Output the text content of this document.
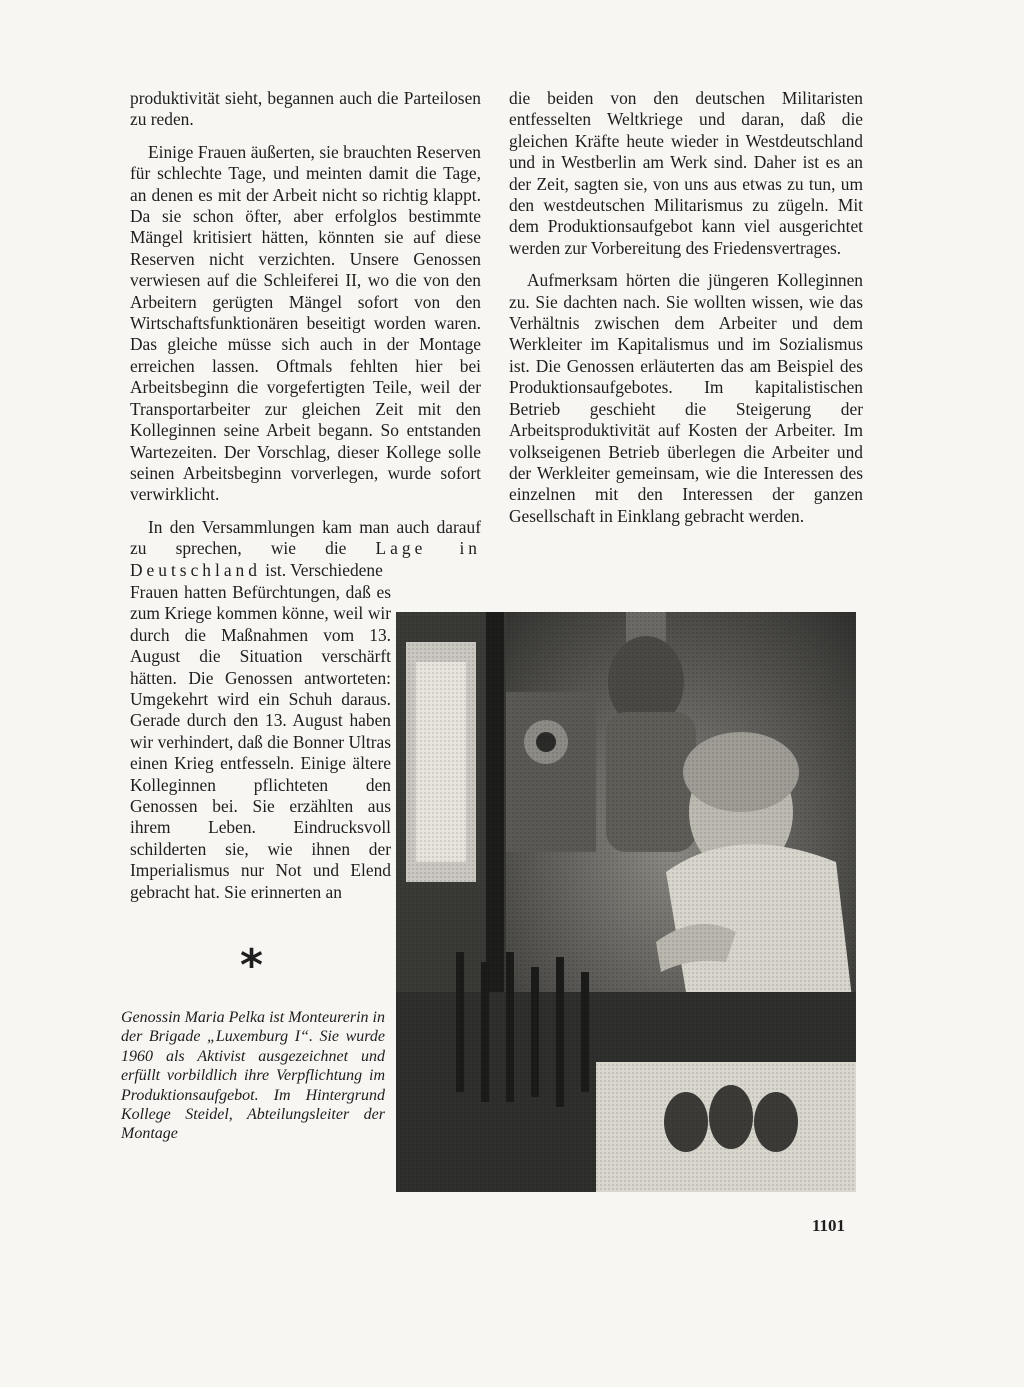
produktivität sieht, begannen auch die Parteilosen zu reden.

Einige Frauen äußerten, sie brauchten Reserven für schlechte Tage, und meinten damit die Tage, an denen es mit der Arbeit nicht so richtig klappt. Da sie schon öfter, aber erfolglos bestimmte Mängel kritisiert hätten, könnten sie auf diese Reserven nicht verzichten. Unsere Genossen verwiesen auf die Schleiferei II, wo die von den Arbeitern gerügten Mängel sofort von den Wirtschaftsfunktionären beseitigt worden waren. Das gleiche müsse sich auch in der Montage erreichen lassen. Oftmals fehlten hier bei Arbeitsbeginn die vorgefertigten Teile, weil der Transportarbeiter zur gleichen Zeit mit den Kolleginnen seine Arbeit begann. So entstanden Wartezeiten. Der Vorschlag, dieser Kollege solle seinen Arbeitsbeginn vorverlegen, wurde sofort verwirklicht.

In den Versammlungen kam man auch darauf zu sprechen, wie die Lage in Deutschland ist. Verschiedene

Frauen hatten Befürchtungen, daß es zum Kriege kommen könne, weil wir durch die Maßnahmen vom 13. August die Situation verschärft hätten. Die Genossen antworteten: Umgekehrt wird ein Schuh daraus. Gerade durch den 13. August haben wir verhindert, daß die Bonner Ultras einen Krieg entfesseln. Einige ältere Kolleginnen pflichteten den Genossen bei. Sie erzählten aus ihrem Leben. Eindrucksvoll schilderten sie, wie ihnen der Imperialismus nur Not und Elend gebracht hat. Sie erinnerten an

die beiden von den deutschen Militaristen entfesselten Weltkriege und daran, daß die gleichen Kräfte heute wieder in Westdeutschland und in Westberlin am Werk sind. Daher ist es an der Zeit, sagten sie, von uns aus etwas zu tun, um den westdeutschen Militarismus zu zügeln. Mit dem Produktionsaufgebot kann viel ausgerichtet werden zur Vorbereitung des Friedensvertrages.

Aufmerksam hörten die jüngeren Kolleginnen zu. Sie dachten nach. Sie wollten wissen, wie das Verhältnis zwischen dem Arbeiter und dem Werkleiter im Kapitalismus und im Sozialismus ist. Die Genossen erläuterten das am Beispiel des Produktionsaufgebotes. Im kapitalistischen Betrieb geschieht die Steigerung der Arbeitsproduktivität auf Kosten der Arbeiter. Im volkseigenen Betrieb überlegen die Arbeiter und der Werkleiter gemeinsam, wie die Interessen des einzelnen mit den Interessen der ganzen Gesellschaft in Einklang gebracht werden.

*
Genossin Maria Pelka ist Monteurerin in der Brigade „Luxemburg I“. Sie wurde 1960 als Aktivist ausgezeichnet und erfüllt vorbildlich ihre Verpflichtung im Produktionsaufgebot. Im Hintergrund Kollege Steidel, Abteilungsleiter der Montage
1101
